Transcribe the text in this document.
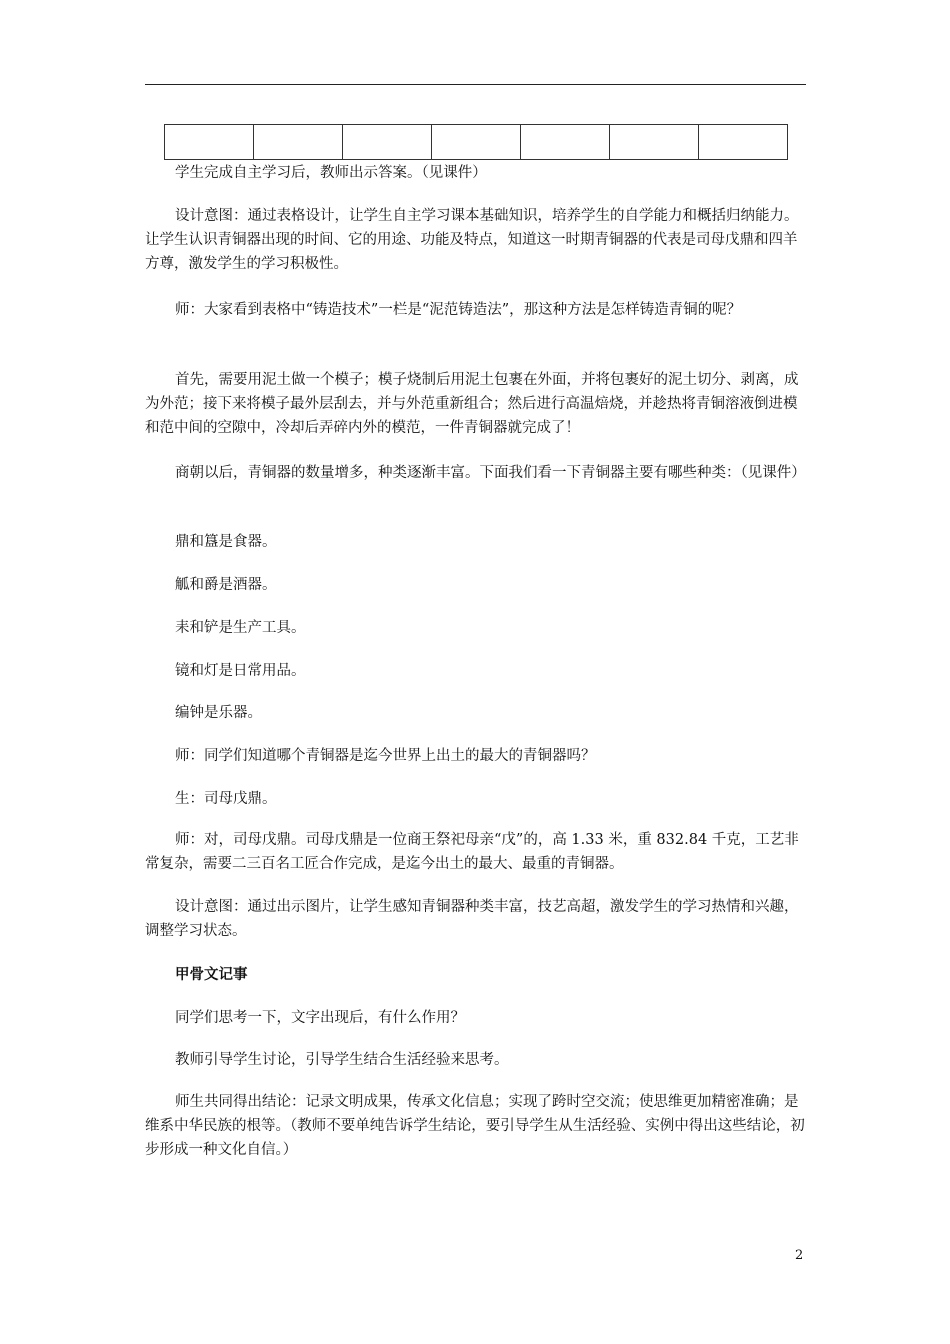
学生完成自主学习后，教师出示答案。（见课件）

设计意图：通过表格设计，让学生自主学习课本基础知识，培养学生的自学能力和概括归纳能力。让学生认识青铜器出现的时间、它的用途、功能及特点，知道这一时期青铜器的代表是司母戊鼎和四羊方尊，激发学生的学习积极性。

师：大家看到表格中“铸造技术”一栏是“泥范铸造法”，那这种方法是怎样铸造青铜的呢？

首先，需要用泥土做一个模子；模子烧制后用泥土包裹在外面，并将包裹好的泥土切分、剥离，成为外范；接下来将模子最外层刮去，并与外范重新组合；然后进行高温焙烧，并趁热将青铜溶液倒进模和范中间的空隙中，冷却后弄碎内外的模范，一件青铜器就完成了！

商朝以后，青铜器的数量增多，种类逐渐丰富。下面我们看一下青铜器主要有哪些种类：（见课件）

鼎和簋是食器。

觚和爵是酒器。

耒和铲是生产工具。

镜和灯是日常用品。

编钟是乐器。

师：同学们知道哪个青铜器是迄今世界上出土的最大的青铜器吗？

生：司母戊鼎。

师：对，司母戊鼎。司母戊鼎是一位商王祭祀母亲“戊”的，高 1.33 米，重 832.84 千克，工艺非常复杂，需要二三百名工匠合作完成，是迄今出土的最大、最重的青铜器。

设计意图：通过出示图片，让学生感知青铜器种类丰富，技艺高超，激发学生的学习热情和兴趣，调整学习状态。

甲骨文记事

同学们思考一下，文字出现后，有什么作用？

教师引导学生讨论，引导学生结合生活经验来思考。

师生共同得出结论：记录文明成果，传承文化信息；实现了跨时空交流；使思维更加精密准确；是维系中华民族的根等。（教师不要单纯告诉学生结论，要引导学生从生活经验、实例中得出这些结论，初步形成一种文化自信。）

2
